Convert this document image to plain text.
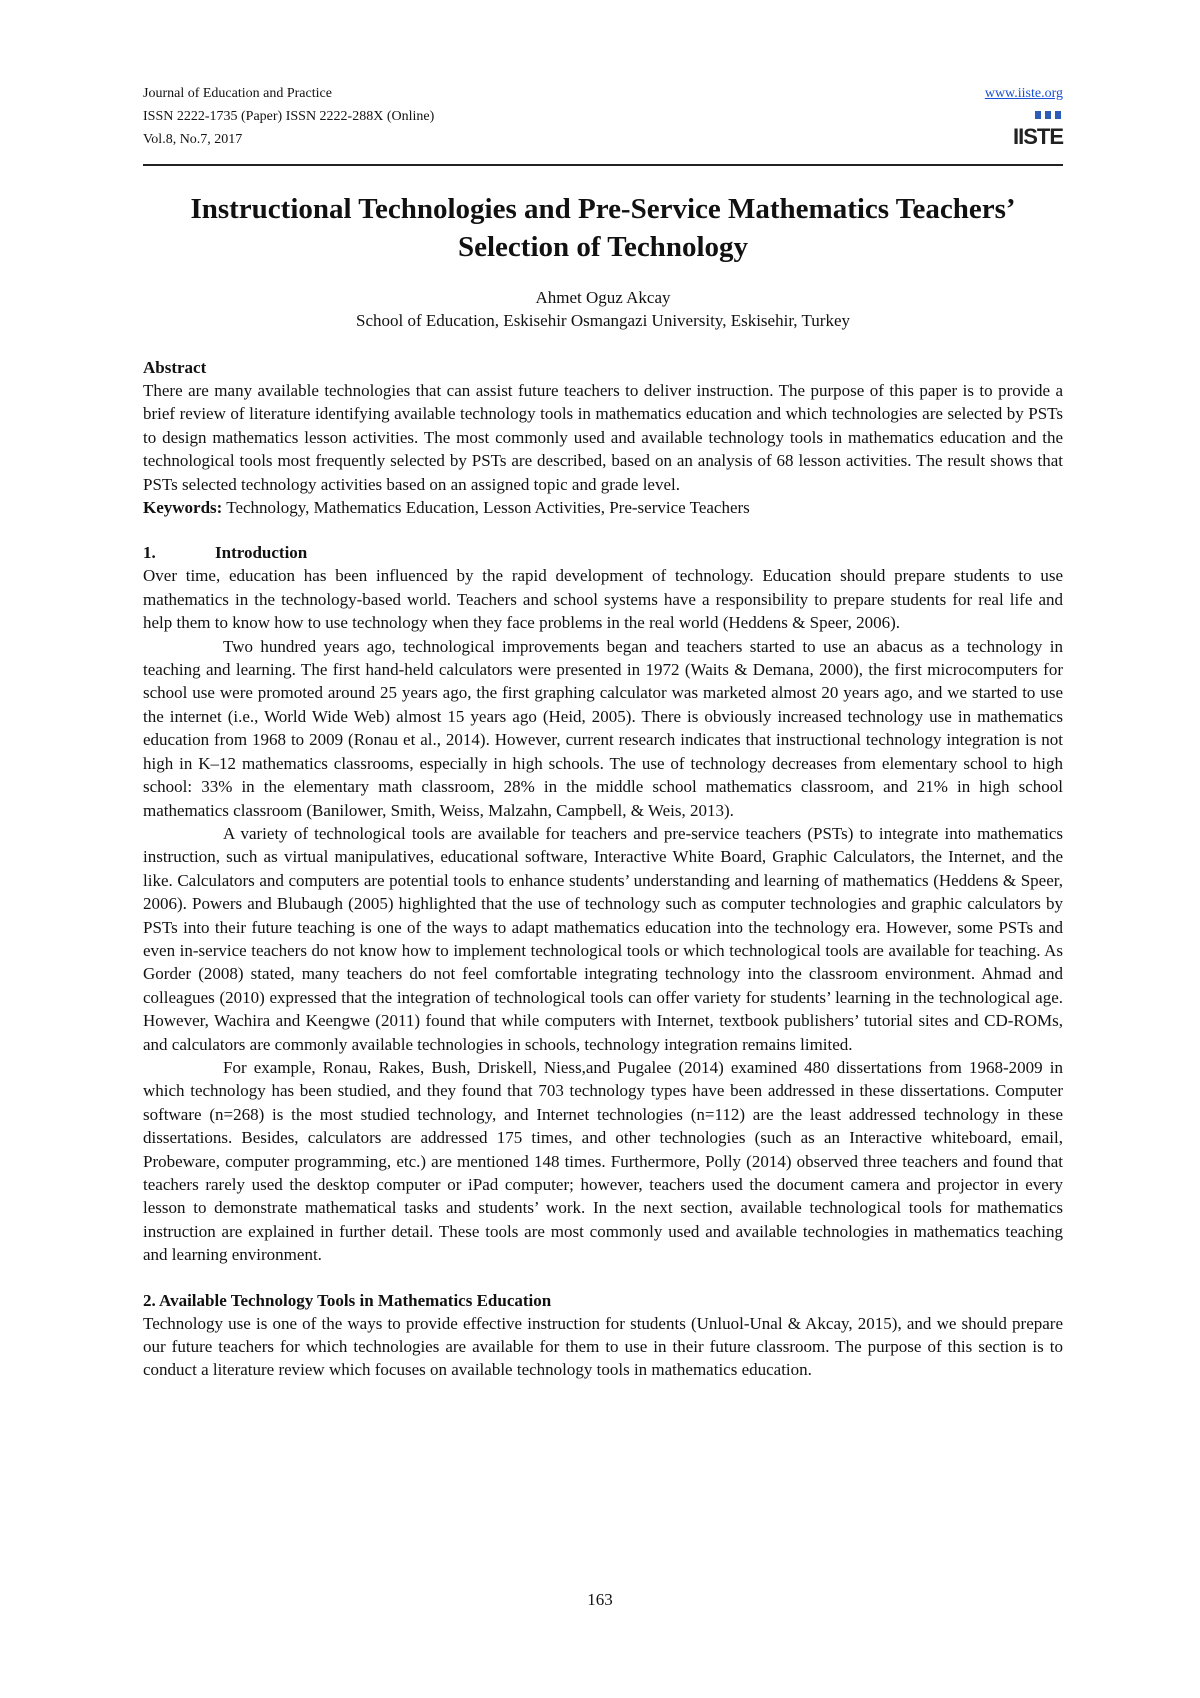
Journal of Education and Practice
ISSN 2222-1735 (Paper) ISSN 2222-288X (Online)
Vol.8, No.7, 2017
www.iiste.org
IISTE
Instructional Technologies and Pre-Service Mathematics Teachers’ Selection of Technology
Ahmet Oguz Akcay
School of Education, Eskisehir Osmangazi University, Eskisehir, Turkey
Abstract

There are many available technologies that can assist future teachers to deliver instruction. The purpose of this paper is to provide a brief review of literature identifying available technology tools in mathematics education and which technologies are selected by PSTs to design mathematics lesson activities. The most commonly used and available technology tools in mathematics education and the technological tools most frequently selected by PSTs are described, based on an analysis of 68 lesson activities. The result shows that PSTs selected technology activities based on an assigned topic and grade level.

Keywords: Technology, Mathematics Education, Lesson Activities, Pre-service Teachers

1.	Introduction

Over time, education has been influenced by the rapid development of technology. Education should prepare students to use mathematics in the technology-based world. Teachers and school systems have a responsibility to prepare students for real life and help them to know how to use technology when they face problems in the real world (Heddens & Speer, 2006).

Two hundred years ago, technological improvements began and teachers started to use an abacus as a technology in teaching and learning. The first hand-held calculators were presented in 1972 (Waits & Demana, 2000), the first microcomputers for school use were promoted around 25 years ago, the first graphing calculator was marketed almost 20 years ago, and we started to use the internet (i.e., World Wide Web) almost 15 years ago (Heid, 2005). There is obviously increased technology use in mathematics education from 1968 to 2009 (Ronau et al., 2014). However, current research indicates that instructional technology integration is not high in K–12 mathematics classrooms, especially in high schools. The use of technology decreases from elementary school to high school: 33% in the elementary math classroom, 28% in the middle school mathematics classroom, and 21% in high school mathematics classroom (Banilower, Smith, Weiss, Malzahn, Campbell, & Weis, 2013).

A variety of technological tools are available for teachers and pre-service teachers (PSTs) to integrate into mathematics instruction, such as virtual manipulatives, educational software, Interactive White Board, Graphic Calculators, the Internet, and the like. Calculators and computers are potential tools to enhance students’ understanding and learning of mathematics (Heddens & Speer, 2006). Powers and Blubaugh (2005) highlighted that the use of technology such as computer technologies and graphic calculators by PSTs into their future teaching is one of the ways to adapt mathematics education into the technology era. However, some PSTs and even in-service teachers do not know how to implement technological tools or which technological tools are available for teaching. As Gorder (2008) stated, many teachers do not feel comfortable integrating technology into the classroom environment. Ahmad and colleagues (2010) expressed that the integration of technological tools can offer variety for students’ learning in the technological age. However, Wachira and Keengwe (2011) found that while computers with Internet, textbook publishers’ tutorial sites and CD-ROMs, and calculators are commonly available technologies in schools, technology integration remains limited.

For example, Ronau, Rakes, Bush, Driskell, Niess,and Pugalee (2014) examined 480 dissertations from 1968-2009 in which technology has been studied, and they found that 703 technology types have been addressed in these dissertations. Computer software (n=268) is the most studied technology, and Internet technologies (n=112) are the least addressed technology in these dissertations. Besides, calculators are addressed 175 times, and other technologies (such as an Interactive whiteboard, email, Probeware, computer programming, etc.) are mentioned 148 times. Furthermore, Polly (2014) observed three teachers and found that teachers rarely used the desktop computer or iPad computer; however, teachers used the document camera and projector in every lesson to demonstrate mathematical tasks and students’ work. In the next section, available technological tools for mathematics instruction are explained in further detail. These tools are most commonly used and available technologies in mathematics teaching and learning environment.

2. Available Technology Tools in Mathematics Education

Technology use is one of the ways to provide effective instruction for students (Unluol-Unal & Akcay, 2015), and we should prepare our future teachers for which technologies are available for them to use in their future classroom. The purpose of this section is to conduct a literature review which focuses on available technology tools in mathematics education.

163
